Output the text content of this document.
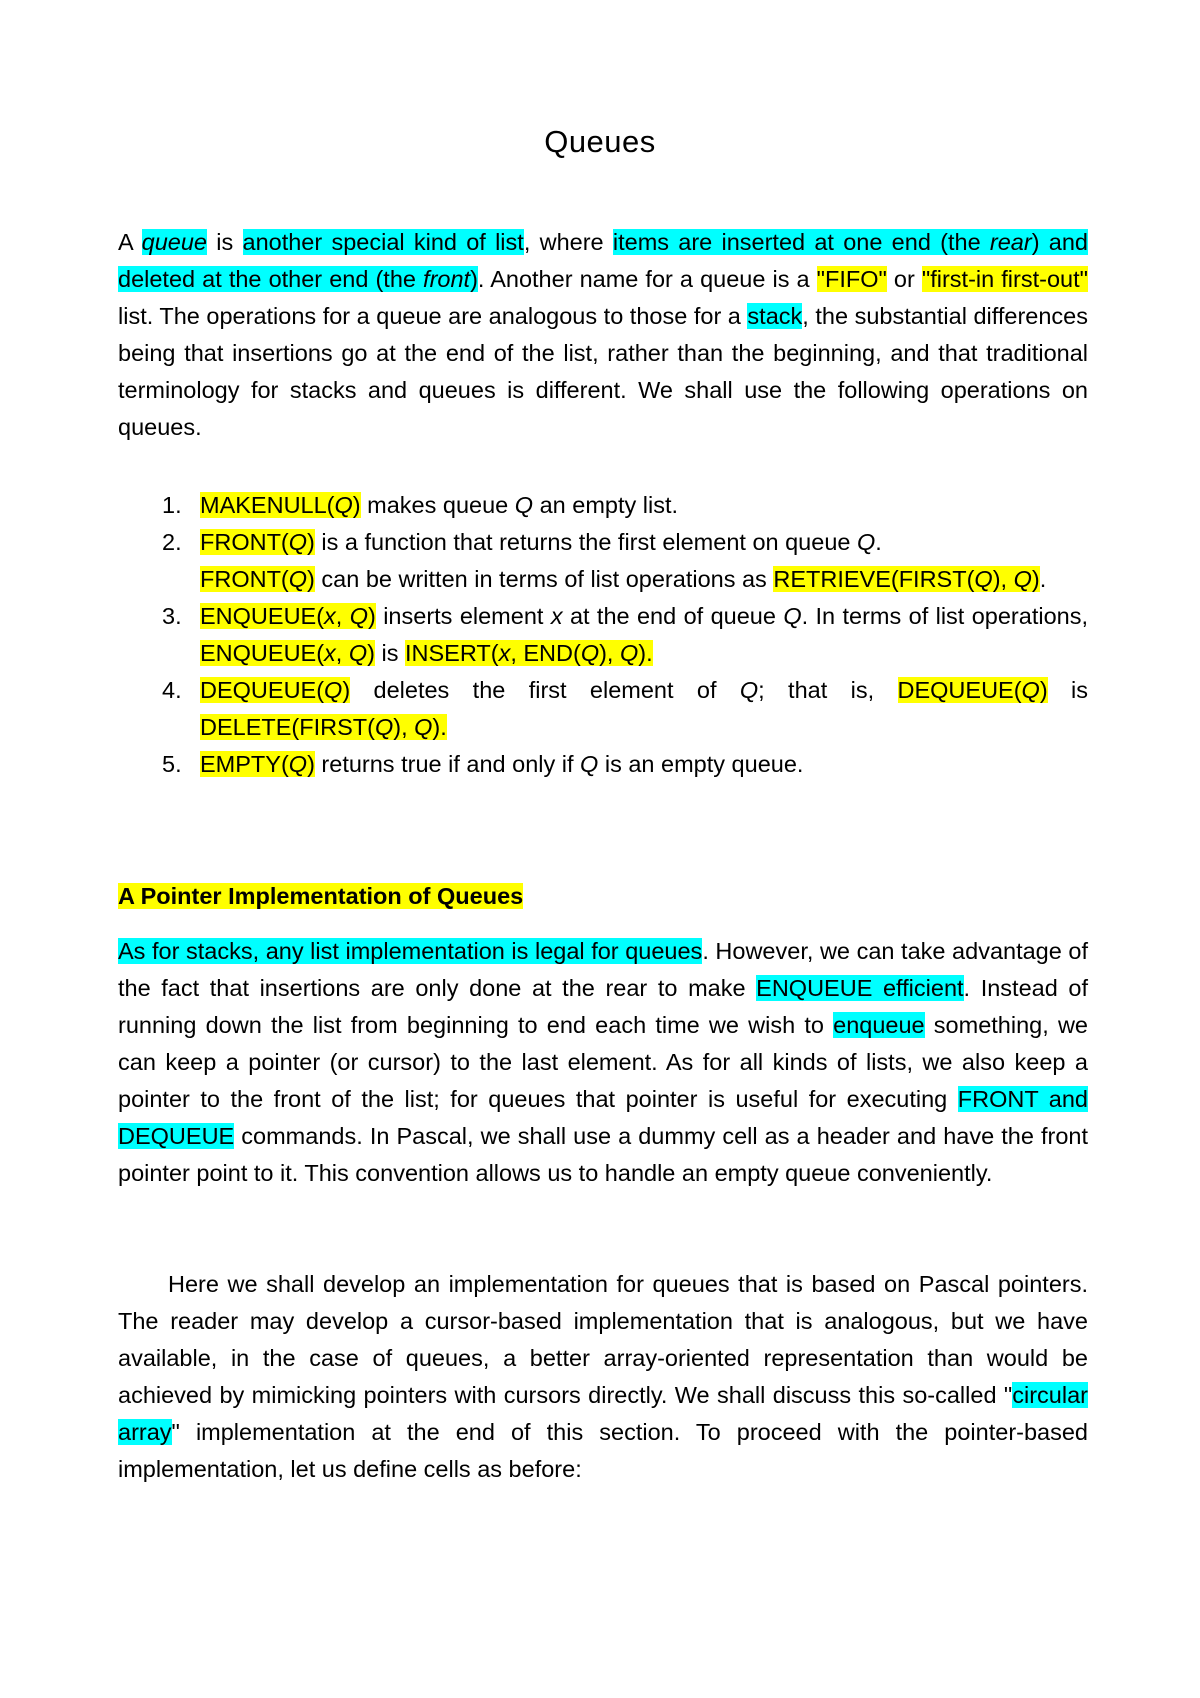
Queues
A queue is another special kind of list, where items are inserted at one end (the rear) and deleted at the other end (the front). Another name for a queue is a "FIFO" or "first-in first-out" list. The operations for a queue are analogous to those for a stack, the substantial differences being that insertions go at the end of the list, rather than the beginning, and that traditional terminology for stacks and queues is different. We shall use the following operations on queues.
1. MAKENULL(Q) makes queue Q an empty list.
2. FRONT(Q) is a function that returns the first element on queue Q.
FRONT(Q) can be written in terms of list operations as RETRIEVE(FIRST(Q), Q).
3. ENQUEUE(x, Q) inserts element x at the end of queue Q. In terms of list operations, ENQUEUE(x, Q) is INSERT(x, END(Q), Q).
4. DEQUEUE(Q) deletes the first element of Q; that is, DEQUEUE(Q) is DELETE(FIRST(Q), Q).
5. EMPTY(Q) returns true if and only if Q is an empty queue.
A Pointer Implementation of Queues
As for stacks, any list implementation is legal for queues. However, we can take advantage of the fact that insertions are only done at the rear to make ENQUEUE efficient. Instead of running down the list from beginning to end each time we wish to enqueue something, we can keep a pointer (or cursor) to the last element. As for all kinds of lists, we also keep a pointer to the front of the list; for queues that pointer is useful for executing FRONT and DEQUEUE commands. In Pascal, we shall use a dummy cell as a header and have the front pointer point to it. This convention allows us to handle an empty queue conveniently.
Here we shall develop an implementation for queues that is based on Pascal pointers. The reader may develop a cursor-based implementation that is analogous, but we have available, in the case of queues, a better array-oriented representation than would be achieved by mimicking pointers with cursors directly. We shall discuss this so-called "circular array" implementation at the end of this section. To proceed with the pointer-based implementation, let us define cells as before:
